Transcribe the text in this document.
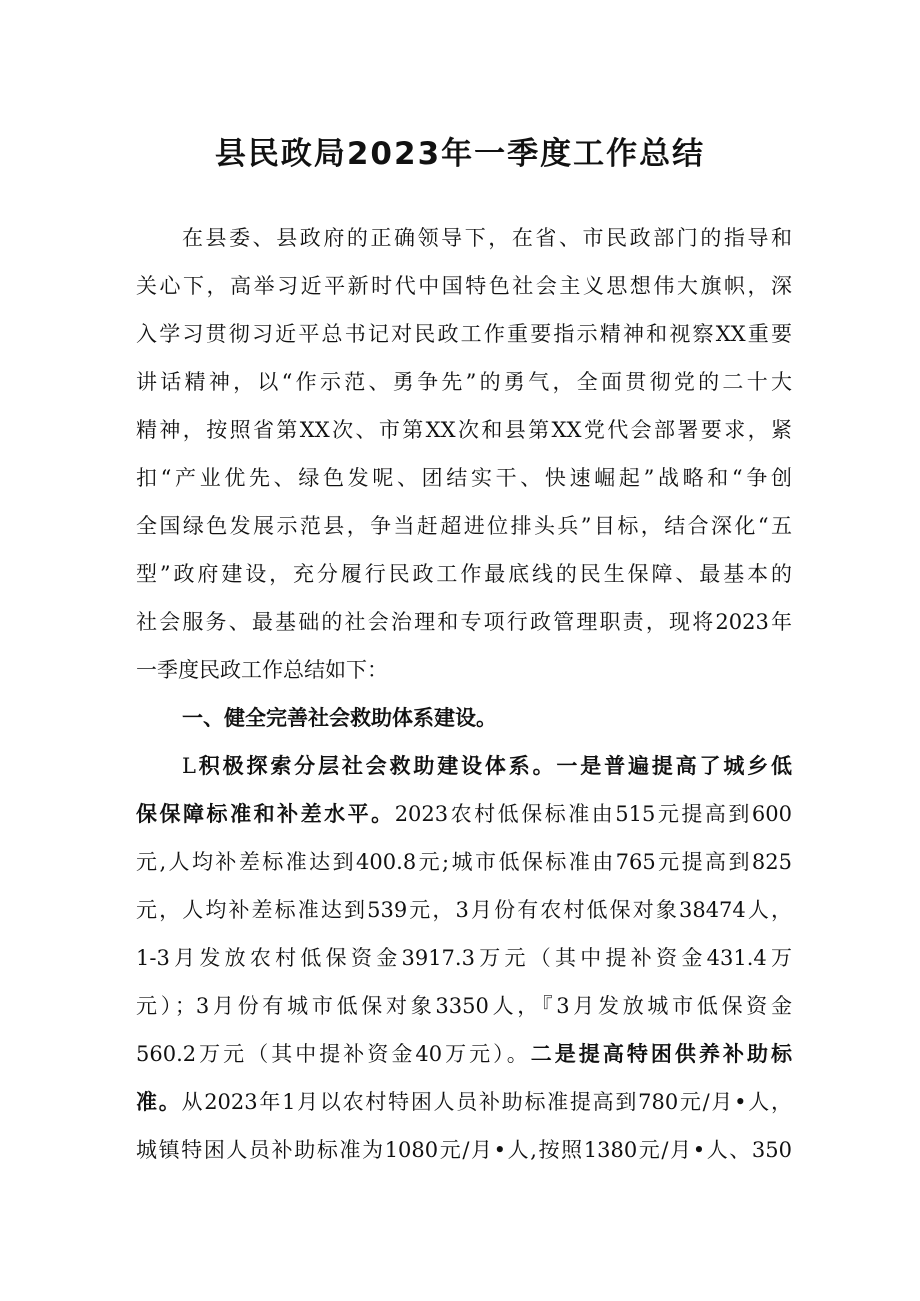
县民政局2023年一季度工作总结
在县委、县政府的正确领导下，在省、市民政部门的指导和
关心下，高举习近平新时代中国特色社会主义思想伟大旗帜，深
入学习贯彻习近平总书记对民政工作重要指示精神和视察XX重要
讲话精神，以“作示范、勇争先”的勇气，全面贯彻党的二十大
精神，按照省第XX次、市第XX次和县第XX党代会部署要求，紧
扣“产业优先、绿色发呢、团结实干、快速崛起”战略和“争创
全国绿色发展示范县，争当赶超进位排头兵”目标，结合深化“五
型”政府建设，充分履行民政工作最底线的民生保障、最基本的
社会服务、最基础的社会治理和专项行政管理职责，现将2023年
一季度民政工作总结如下：
一、健全完善社会救助体系建设。
L积极探索分层社会救助建设体系。一是普遍提高了城乡低
保保障标准和补差水平。2023农村低保标准由515元提高到600
元,人均补差标准达到400.8元;城市低保标准由765元提高到825
元，人均补差标准达到539元，3月份有农村低保对象38474人，
1-3月发放农村低保资金3917.3万元（其中提补资金431.4万
元）；3月份有城市低保对象3350人，『3月发放城市低保资金
560.2万元（其中提补资金40万元）。二是提高特困供养补助标
准。从2023年1月以农村特困人员补助标准提高到780元/月•人，
城镇特困人员补助标准为1080元/月•人,按照1380元/月•人、350
